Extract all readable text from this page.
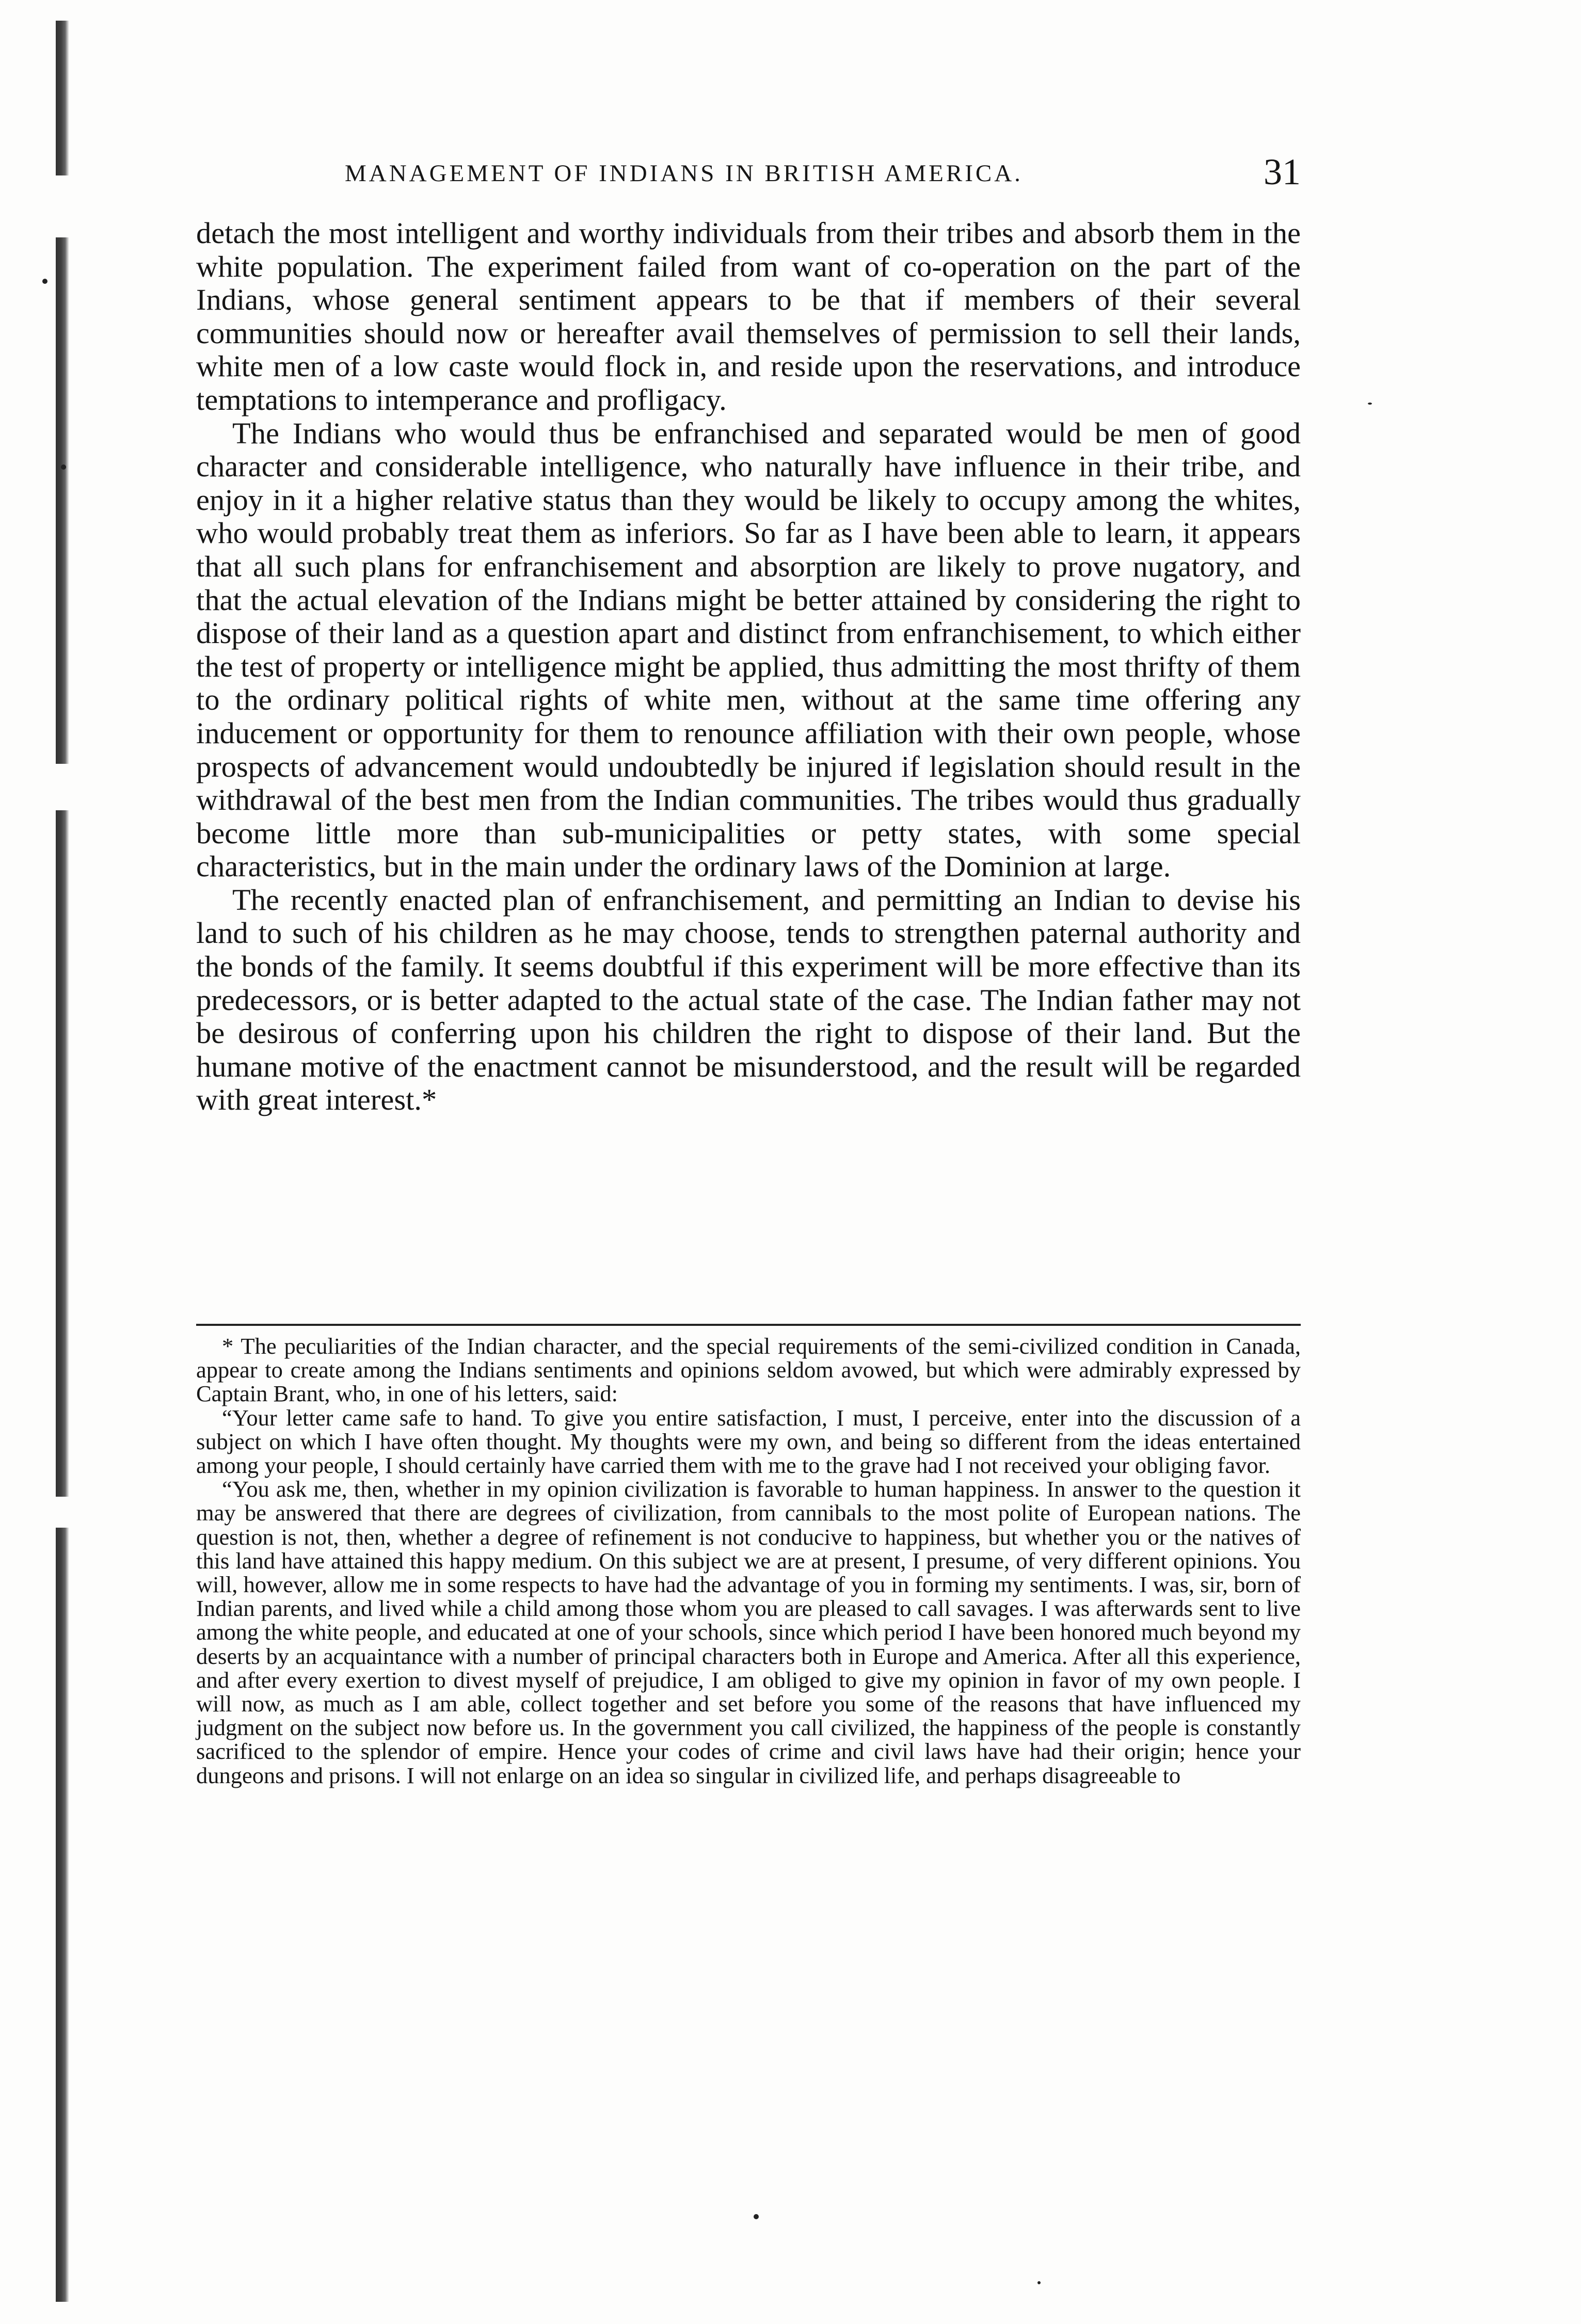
MANAGEMENT OF INDIANS IN BRITISH AMERICA.	31

detach the most intelligent and worthy individuals from their tribes and absorb them in the white population. The experiment failed from want of co-operation on the part of the Indians, whose general sentiment appears to be that if members of their several communities should now or hereafter avail themselves of permission to sell their lands, white men of a low caste would flock in, and reside upon the reservations, and introduce temptations to intemperance and profligacy.

The Indians who would thus be enfranchised and separated would be men of good character and considerable intelligence, who naturally have influence in their tribe, and enjoy in it a higher relative status than they would be likely to occupy among the whites, who would probably treat them as inferiors. So far as I have been able to learn, it appears that all such plans for enfranchisement and absorption are likely to prove nugatory, and that the actual elevation of the Indians might be better attained by considering the right to dispose of their land as a question apart and distinct from enfranchisement, to which either the test of property or intelligence might be applied, thus admitting the most thrifty of them to the ordinary political rights of white men, without at the same time offering any inducement or opportunity for them to renounce affiliation with their own people, whose prospects of advancement would undoubtedly be injured if legislation should result in the withdrawal of the best men from the Indian communities. The tribes would thus gradually become little more than sub-municipalities or petty states, with some special characteristics, but in the main under the ordinary laws of the Dominion at large.

The recently enacted plan of enfranchisement, and permitting an Indian to devise his land to such of his children as he may choose, tends to strengthen paternal authority and the bonds of the family. It seems doubtful if this experiment will be more effective than its predecessors, or is better adapted to the actual state of the case. The Indian father may not be desirous of conferring upon his children the right to dispose of their land. But the humane motive of the enactment cannot be misunderstood, and the result will be regarded with great interest.*

* The peculiarities of the Indian character, and the special requirements of the semi-civilized condition in Canada, appear to create among the Indians sentiments and opinions seldom avowed, but which were admirably expressed by Captain Brant, who, in one of his letters, said:

“Your letter came safe to hand. To give you entire satisfaction, I must, I perceive, enter into the discussion of a subject on which I have often thought. My thoughts were my own, and being so different from the ideas entertained among your people, I should certainly have carried them with me to the grave had I not received your obliging favor.

“You ask me, then, whether in my opinion civilization is favorable to human happiness. In answer to the question it may be answered that there are degrees of civilization, from cannibals to the most polite of European nations. The question is not, then, whether a degree of refinement is not conducive to happiness, but whether you or the natives of this land have attained this happy medium. On this subject we are at present, I presume, of very different opinions. You will, however, allow me in some respects to have had the advantage of you in forming my sentiments. I was, sir, born of Indian parents, and lived while a child among those whom you are pleased to call savages. I was afterwards sent to live among the white people, and educated at one of your schools, since which period I have been honored much beyond my deserts by an acquaintance with a number of principal characters both in Europe and America. After all this experience, and after every exertion to divest myself of prejudice, I am obliged to give my opinion in favor of my own people. I will now, as much as I am able, collect together and set before you some of the reasons that have influenced my judgment on the subject now before us. In the government you call civilized, the happiness of the people is constantly sacrificed to the splendor of empire. Hence your codes of crime and civil laws have had their origin; hence your dungeons and prisons. I will not enlarge on an idea so singular in civilized life, and perhaps disagreeable to
